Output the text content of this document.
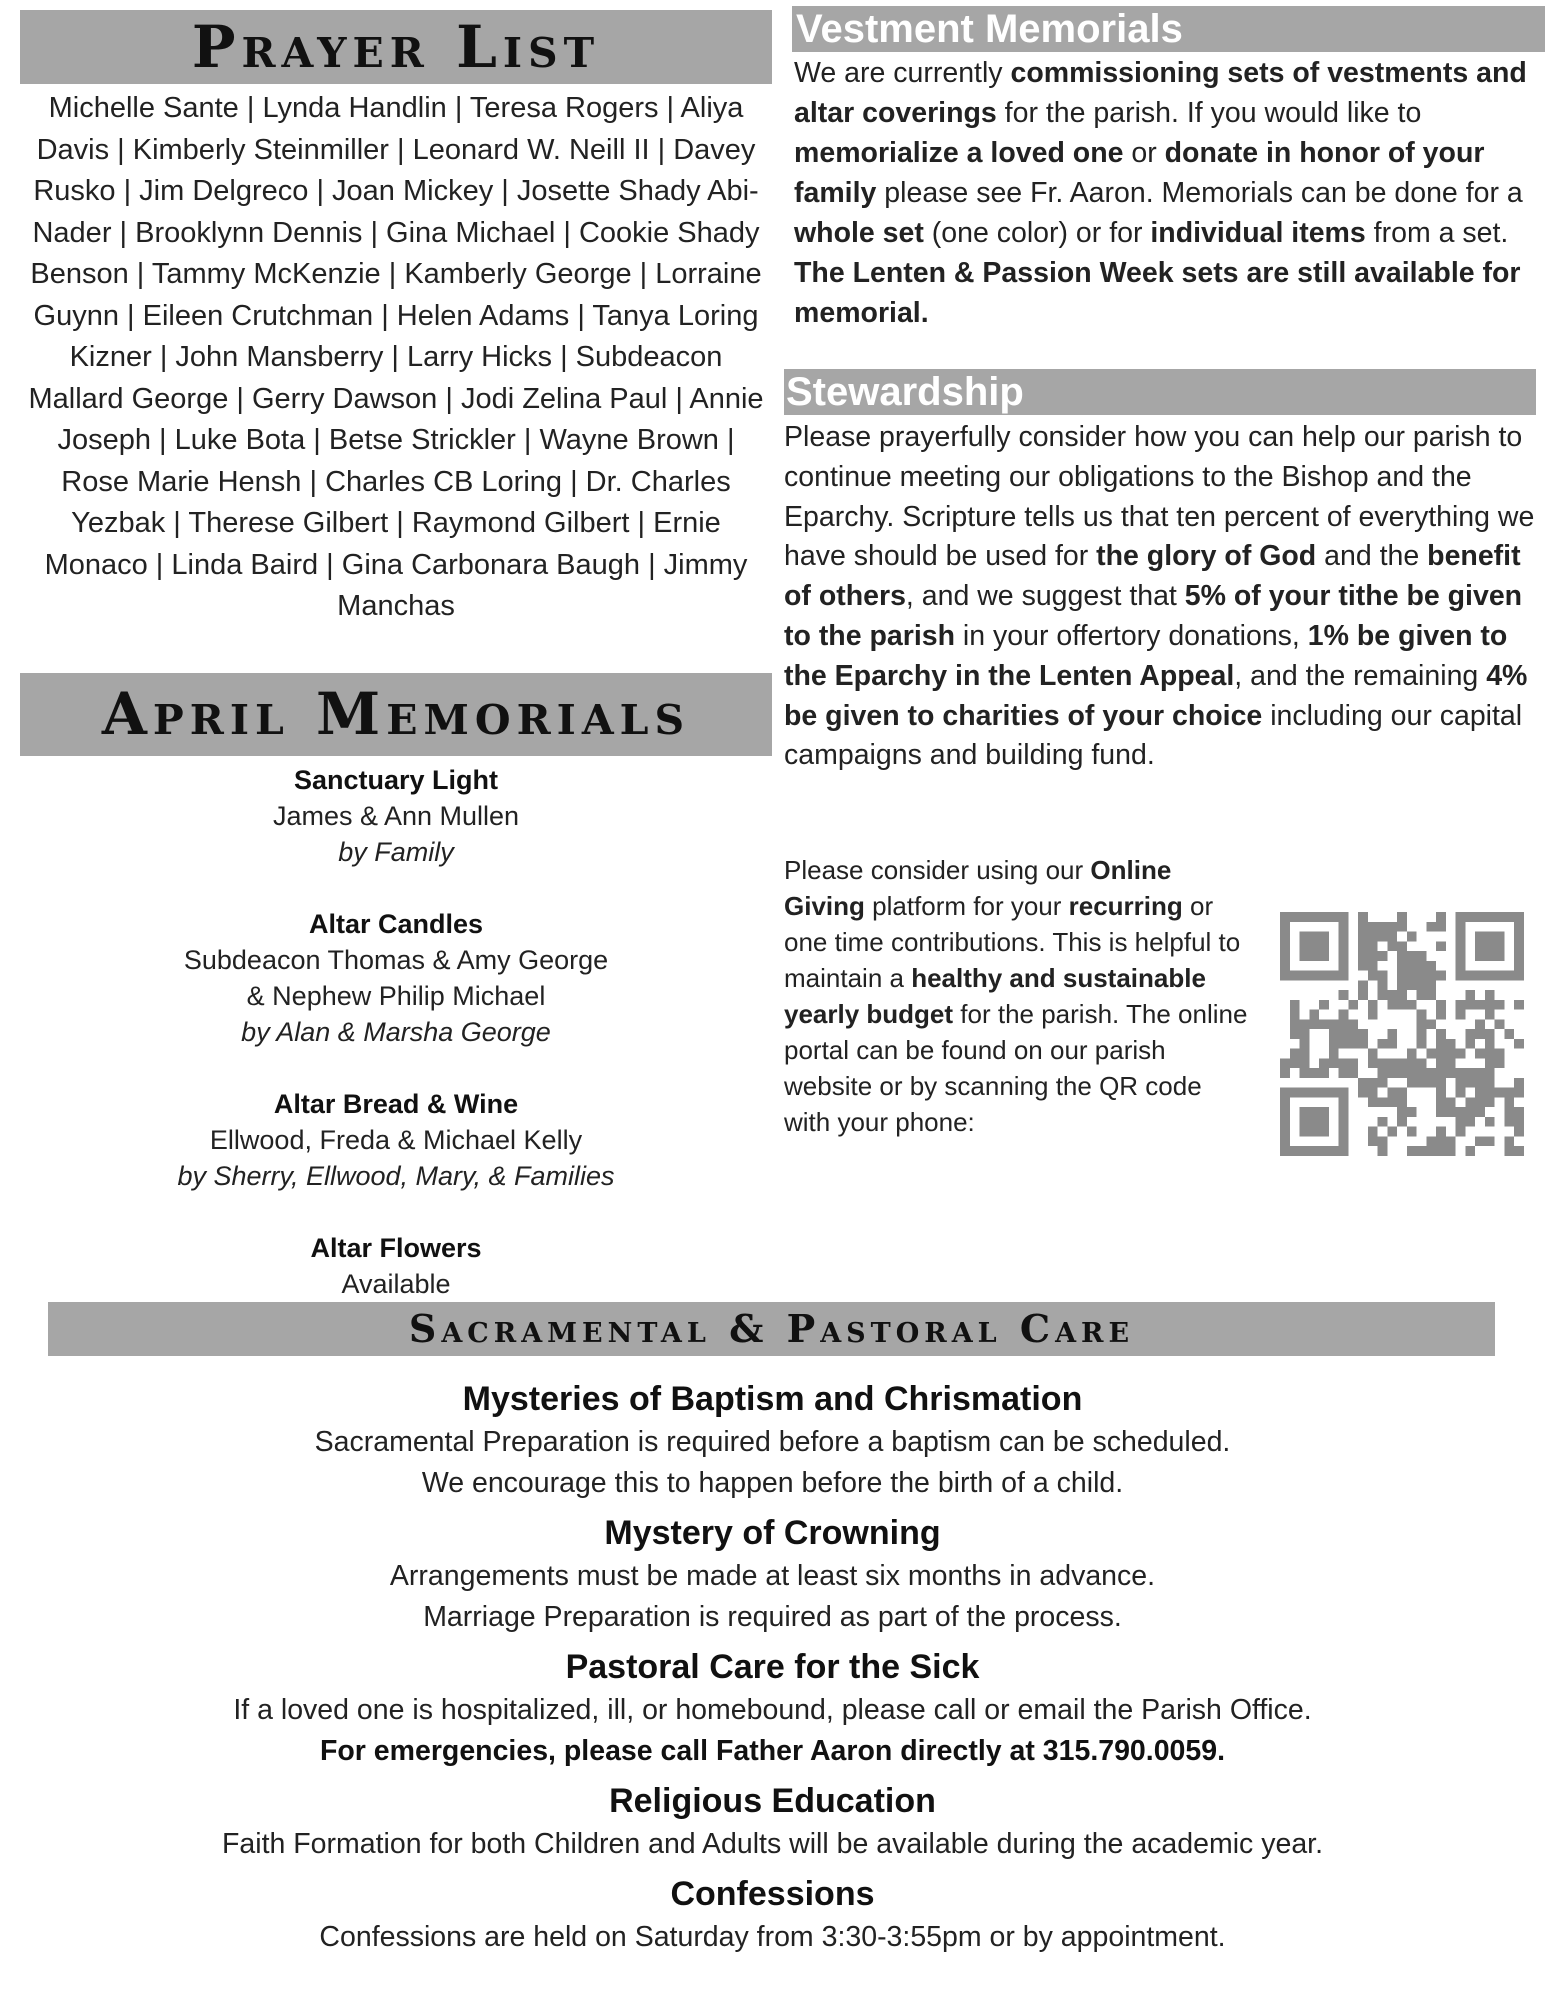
Prayer List
Michelle Sante | Lynda Handlin | Teresa Rogers | Aliya Davis | Kimberly Steinmiller | Leonard W. Neill II | Davey Rusko | Jim Delgreco | Joan Mickey | Josette Shady Abi-Nader | Brooklynn Dennis | Gina Michael | Cookie Shady Benson | Tammy McKenzie | Kamberly George | Lorraine Guynn | Eileen Crutchman | Helen Adams | Tanya Loring Kizner | John Mansberry | Larry Hicks | Subdeacon Mallard George | Gerry Dawson | Jodi Zelina Paul | Annie Joseph | Luke Bota | Betse Strickler | Wayne Brown | Rose Marie Hensh | Charles CB Loring | Dr. Charles Yezbak | Therese Gilbert | Raymond Gilbert | Ernie Monaco | Linda Baird | Gina Carbonara Baugh | Jimmy Manchas
April Memorials
Sanctuary Light
James & Ann Mullen
by Family
Altar Candles
Subdeacon Thomas & Amy George
& Nephew Philip Michael
by Alan & Marsha George
Altar Bread & Wine
Ellwood, Freda & Michael Kelly
by Sherry, Ellwood, Mary, & Families
Altar Flowers
Available
Vestment Memorials
We are currently commissioning sets of vestments and altar coverings for the parish. If you would like to memorialize a loved one or donate in honor of your family please see Fr. Aaron. Memorials can be done for a whole set (one color) or for individual items from a set. The Lenten & Passion Week sets are still available for memorial.
Stewardship
Please prayerfully consider how you can help our parish to continue meeting our obligations to the Bishop and the Eparchy. Scripture tells us that ten percent of everything we have should be used for the glory of God and the benefit of others, and we suggest that 5% of your tithe be given to the parish in your offertory donations, 1% be given to the Eparchy in the Lenten Appeal, and the remaining 4% be given to charities of your choice including our capital campaigns and building fund.
Please consider using our Online Giving platform for your recurring or one time contributions. This is helpful to maintain a healthy and sustainable yearly budget for the parish. The online portal can be found on our parish website or by scanning the QR code with your phone:
Sacramental & Pastoral Care
Mysteries of Baptism and Chrismation
Sacramental Preparation is required before a baptism can be scheduled.
We encourage this to happen before the birth of a child.
Mystery of Crowning
Arrangements must be made at least six months in advance.
Marriage Preparation is required as part of the process.
Pastoral Care for the Sick
If a loved one is hospitalized, ill, or homebound, please call or email the Parish Office.
For emergencies, please call Father Aaron directly at 315.790.0059.
Religious Education
Faith Formation for both Children and Adults will be available during the academic year.
Confessions
Confessions are held on Saturday from 3:30-3:55pm or by appointment.
